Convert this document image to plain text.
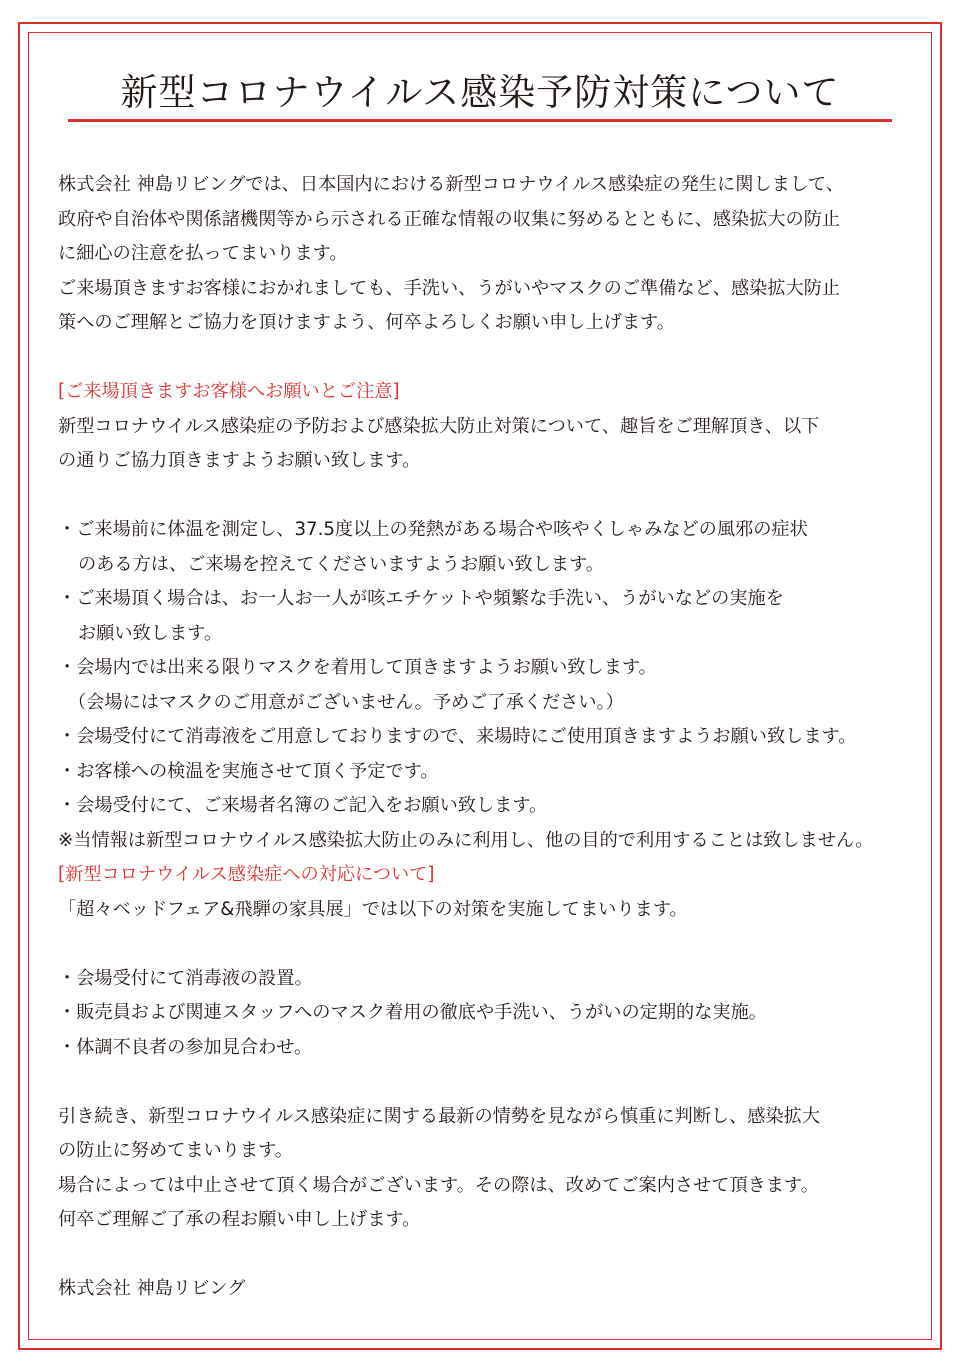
新型コロナウイルス感染予防対策について
株式会社 神島リビングでは、日本国内における新型コロナウイルス感染症の発生に関しまして、
政府や自治体や関係諸機関等から示される正確な情報の収集に努めるとともに、感染拡大の防止
に細心の注意を払ってまいります。
ご来場頂きますお客様におかれましても、手洗い、うがいやマスクのご準備など、感染拡大防止
策へのご理解とご協力を頂けますよう、何卒よろしくお願い申し上げます。
[ご来場頂きますお客様へお願いとご注意]
新型コロナウイルス感染症の予防および感染拡大防止対策について、趣旨をご理解頂き、以下
の通りご協力頂きますようお願い致します。
・ご来場前に体温を測定し、37.5度以上の発熱がある場合や咳やくしゃみなどの風邪の症状
のある方は、ご来場を控えてくださいますようお願い致します。
・ご来場頂く場合は、お一人お一人が咳エチケットや頻繁な手洗い、うがいなどの実施を
お願い致します。
・会場内では出来る限りマスクを着用して頂きますようお願い致します。
（会場にはマスクのご用意がございません。予めご了承ください。）
・会場受付にて消毒液をご用意しておりますので、来場時にご使用頂きますようお願い致します。
・お客様への検温を実施させて頂く予定です。
・会場受付にて、ご来場者名簿のご記入をお願い致します。
※当情報は新型コロナウイルス感染拡大防止のみに利用し、他の目的で利用することは致しません。
[新型コロナウイルス感染症への対応について]
「超々ベッドフェア&飛騨の家具展」では以下の対策を実施してまいります。
・会場受付にて消毒液の設置。
・販売員および関連スタッフへのマスク着用の徹底や手洗い、うがいの定期的な実施。
・体調不良者の参加見合わせ。
引き続き、新型コロナウイルス感染症に関する最新の情勢を見ながら慎重に判断し、感染拡大
の防止に努めてまいります。
場合によっては中止させて頂く場合がございます。その際は、改めてご案内させて頂きます。
何卒ご理解ご了承の程お願い申し上げます。
株式会社 神島リビング
